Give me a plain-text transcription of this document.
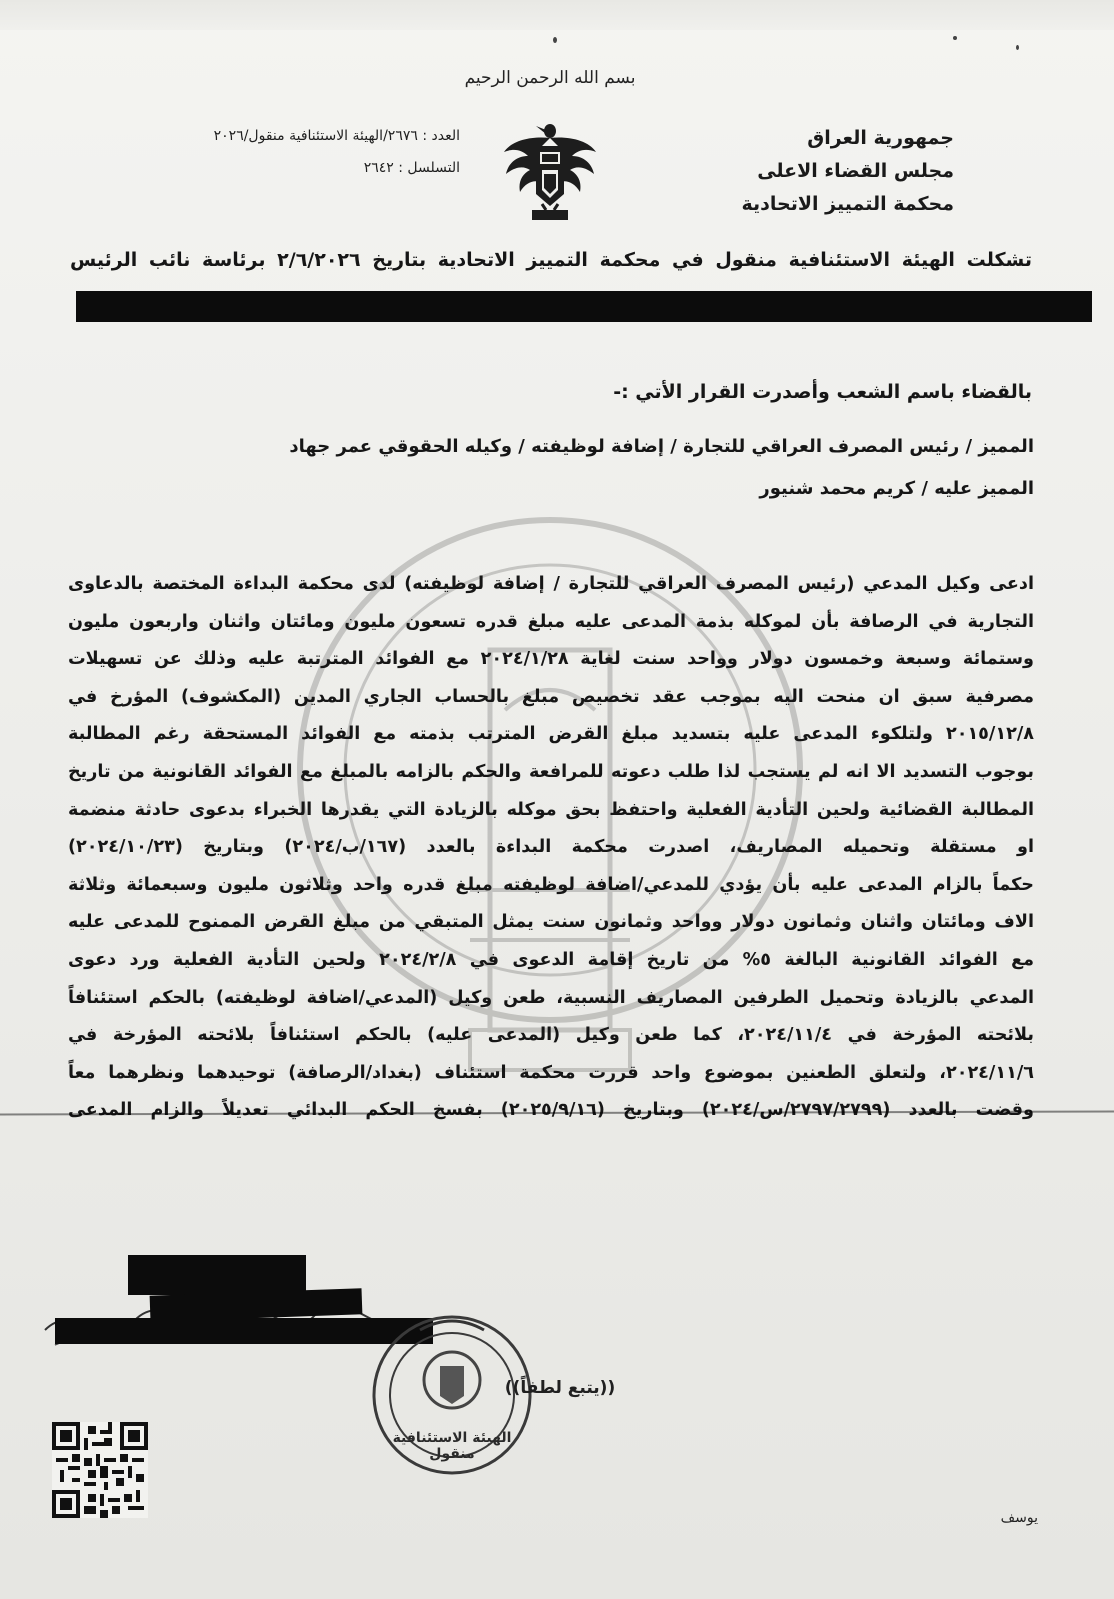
بسم الله الرحمن الرحيم
جمهورية العراق
مجلس القضاء الاعلى
محكمة التمييز الاتحادية
العدد : ٢٦٧٦/الهيئة الاستئنافية منقول/٢٠٢٦
التسلسل : ٢٦٤٢

تشكلت الهيئة الاستئنافية منقول في محكمة التمييز الاتحادية بتاريخ ٢/٦/٢٠٢٦ برئاسة نائب الرئيس

بالقضاء باسم الشعب وأصدرت القرار الأتي :-

المميز / رئيس المصرف العراقي للتجارة / إضافة لوظيفته / وكيله الحقوقي عمر جهاد
المميز عليه / كريم محمد شنيور
ادعى وكيل المدعي (رئيس المصرف العراقي للتجارة / إضافة لوظيفته) لدى محكمة البداءة المختصة بالدعاوى
التجارية في الرصافة بأن لموكله بذمة المدعى عليه مبلغ قدره تسعون مليون ومائتان واثنان واربعون مليون
وستمائة وسبعة وخمسون دولار وواحد سنت لغاية ٢٠٢٤/١/٢٨ مع الفوائد المترتبة عليه وذلك عن تسهيلات
مصرفية سبق ان منحت اليه بموجب عقد تخصيص مبلغ بالحساب الجاري المدين (المكشوف) المؤرخ في
٢٠١٥/١٢/٨ ولتلكوء المدعى عليه بتسديد مبلغ القرض المترتب بذمته مع الفوائد المستحقة رغم المطالبة
بوجوب التسديد الا انه لم يستجب لذا طلب دعوته للمرافعة والحكم بالزامه بالمبلغ مع الفوائد القانونية من تاريخ
المطالبة القضائية ولحين التأدية الفعلية واحتفظ بحق موكله بالزيادة التي يقدرها الخبراء بدعوى حادثة منضمة
او مستقلة وتحميله المصاريف، اصدرت محكمة البداءة بالعدد (١٦٧/ب/٢٠٢٤) وبتاريخ (٢٠٢٤/١٠/٢٣)
حكماً بالزام المدعى عليه بأن يؤدي للمدعي/اضافة لوظيفته مبلغ قدره واحد وثلاثون مليون وسبعمائة وثلاثة
الاف ومائتان واثنان وثمانون دولار وواحد وثمانون سنت يمثل المتبقي من مبلغ القرض الممنوح للمدعى عليه
مع الفوائد القانونية البالغة ٥% من تاريخ إقامة الدعوى في ٢٠٢٤/٢/٨ ولحين التأدية الفعلية ورد دعوى
المدعي بالزيادة وتحميل الطرفين المصاريف النسبية، طعن وكيل (المدعي/اضافة لوظيفته) بالحكم استئنافاً
بلائحته المؤرخة في ٢٠٢٤/١١/٤، كما طعن وكيل (المدعى عليه) بالحكم استئنافاً بلائحته المؤرخة في
٢٠٢٤/١١/٦، ولتعلق الطعنين بموضوع واحد قررت محكمة استئناف (بغداد/الرصافة) توحيدهما ونظرهما معاً
وقضت بالعدد (٢٧٩٧/٢٧٩٩/س/٢٠٢٤) وبتاريخ (٢٠٢٥/٩/١٦) بفسخ الحكم البدائي تعديلاً والزام المدعى
((يتبع لطفاً))
الهيئة الاستئنافية منقول
يوسف
